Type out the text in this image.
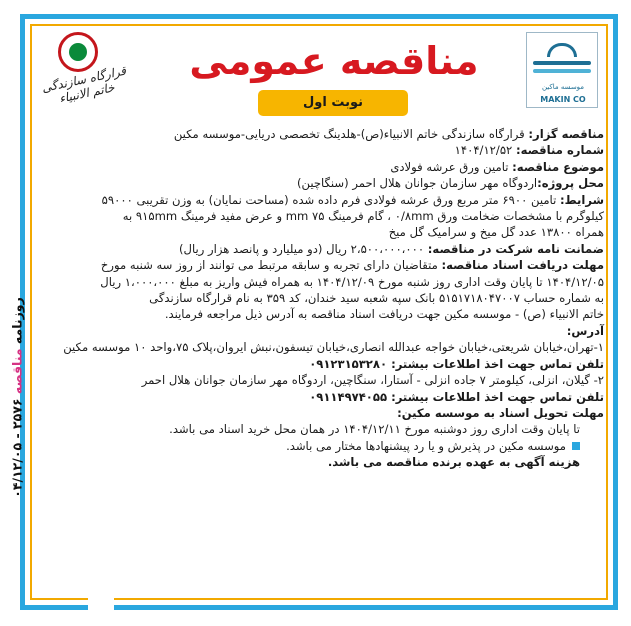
روزنامه مناقصه ۲۵۷۶ - ۰۴/۱۲/۰۵
قرارگاه سازندگی خاتم الانبیاء
مناقصه عمومی
نوبت اول
موسسه ماکین
MAKIN CO
مناقصه گزار: قرارگاه سازندگی خاتم الانبیاء(ص)-هلدینگ تخصصی دریایی-موسسه مکین
شماره مناقصه: ۱۴۰۴/۱۲/۵۲
موضوع مناقصه: تامین ورق عرشه فولادی
محل پروژه:اردوگاه مهر سازمان جوانان هلال احمر (سنگاچین)
شرایط: تامین ۶۹۰۰ متر مربع ورق عرشه فولادی فرم داده شده (مساحت نمایان) به وزن تقریبی ۵۹۰۰۰
کیلوگرم با مشخصات ضخامت ورق ۰/۸mm ، گام فرمینگ ۷۵ mm و عرض مفید فرمینگ ۹۱۵mm به
همراه ۱۳۸۰۰ عدد گل میخ و سرامیک گل میخ
ضمانت نامه شرکت در مناقصه: ۲،۵۰۰،۰۰۰،۰۰۰ ریال (دو میلیارد و پانصد هزار ریال)
مهلت دریافت اسناد مناقصه: متقاضیان دارای تجربه و سابقه مرتبط می توانند از روز سه شنبه مورخ
۱۴۰۴/۱۲/۰۵ تا پایان وقت اداری روز شنبه مورخ ۱۴۰۴/۱۲/۰۹ به همراه فیش واریز به مبلغ ۱،۰۰۰،۰۰۰ ریال
به شماره حساب ۵۱۵۱۷۱۸۰۴۷۰۰۷ بانک سپه شعبه سید خندان، کد ۳۵۹ به نام قرارگاه سازندگی
خاتم الانبیاء (ص) - موسسه مکین جهت دریافت اسناد مناقصه به آدرس ذیل مراجعه فرمایند.
آدرس:
۱-تهران،خیابان شریعتی،خیابان خواجه عبدالله انصاری،خیابان تیسفون،نبش ایروان،پلاک ۷۵،واحد ۱۰ موسسه مکین
تلفن تماس جهت اخذ اطلاعات بیشتر: ۰۹۱۲۳۱۵۳۲۸۰
۲- گیلان، انزلی، کیلومتر ۷ جاده انزلی - آستارا، سنگاچین، اردوگاه مهر سازمان جوانان هلال احمر
تلفن تماس جهت اخذ اطلاعات بیشتر: ۰۹۱۱۴۹۷۴۰۵۵
مهلت تحویل اسناد به موسسه مکین:
تا پایان وقت اداری روز دوشنبه مورخ ۱۴۰۴/۱۲/۱۱ در همان محل خرید اسناد می باشد.
موسسه مکین در پذیرش و یا رد پیشنهادها مختار می باشد.
هزینه آگهی به عهده برنده مناقصه می باشد.
